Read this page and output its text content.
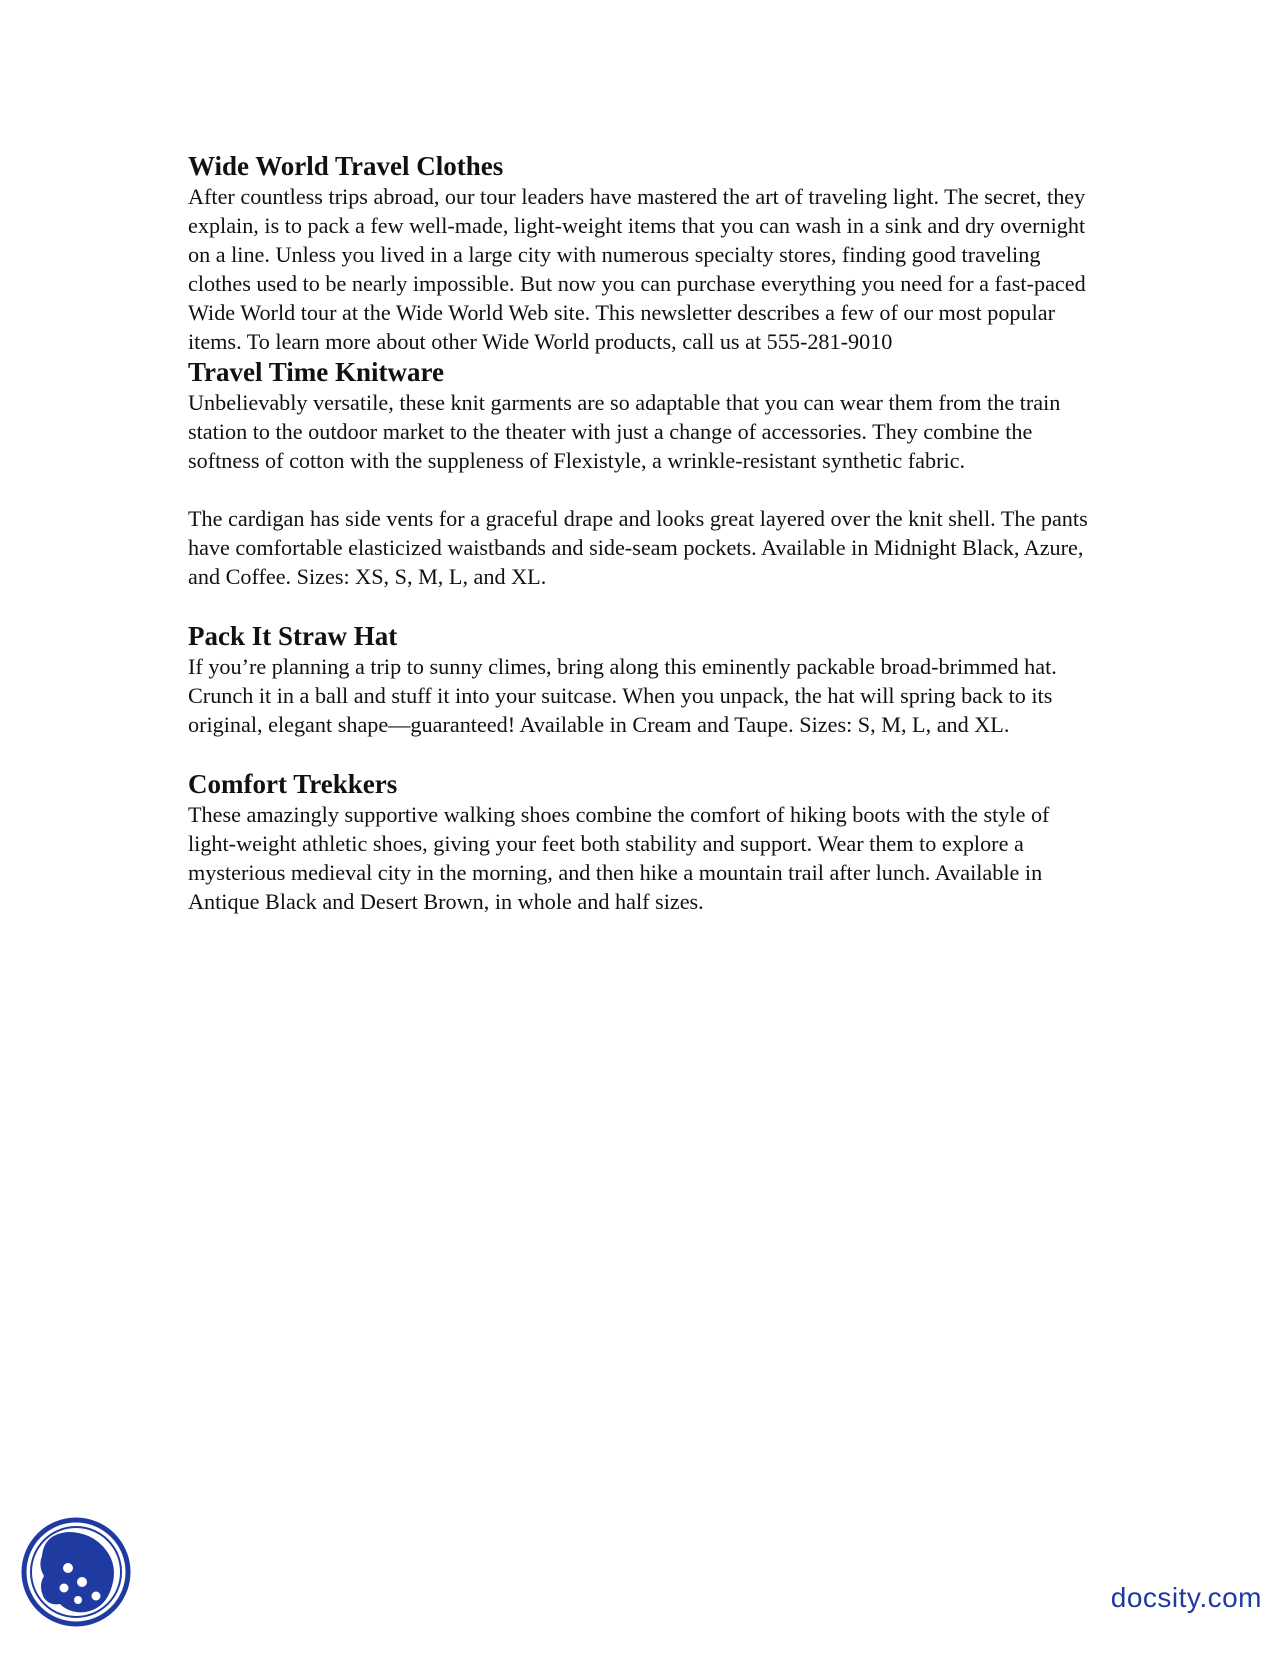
Wide World Travel Clothes

After countless trips abroad, our tour leaders have mastered the art of traveling light. The secret, they explain, is to pack a few well-made, light-weight items that you can wash in a sink and dry overnight on a line. Unless you lived in a large city with numerous specialty stores, finding good traveling clothes used to be nearly impossible. But now you can purchase everything you need for a fast-paced Wide World tour at the Wide World Web site. This newsletter describes a few of our most popular items. To learn more about other Wide World products, call us at 555-281-9010

Travel Time Knitware

Unbelievably versatile, these knit garments are so adaptable that you can wear them from the train station to the outdoor market to the theater with just a change of accessories. They combine the softness of cotton with the suppleness of Flexistyle, a wrinkle-resistant synthetic fabric.

The cardigan has side vents for a graceful drape and looks great layered over the knit shell. The pants have comfortable elasticized waistbands and side-seam pockets. Available in Midnight Black, Azure, and Coffee. Sizes: XS, S, M, L, and XL.

Pack It Straw Hat

If you’re planning a trip to sunny climes, bring along this eminently packable broad-brimmed hat. Crunch it in a ball and stuff it into your suitcase. When you unpack, the hat will spring back to its original, elegant shape—guaranteed! Available in Cream and Taupe. Sizes: S, M, L, and XL.

Comfort Trekkers

These amazingly supportive walking shoes combine the comfort of hiking boots with the style of light-weight athletic shoes, giving your feet both stability and support. Wear them to explore a mysterious medieval city in the morning, and then hike a mountain trail after lunch. Available in Antique Black and Desert Brown, in whole and half sizes.

docsity.com
